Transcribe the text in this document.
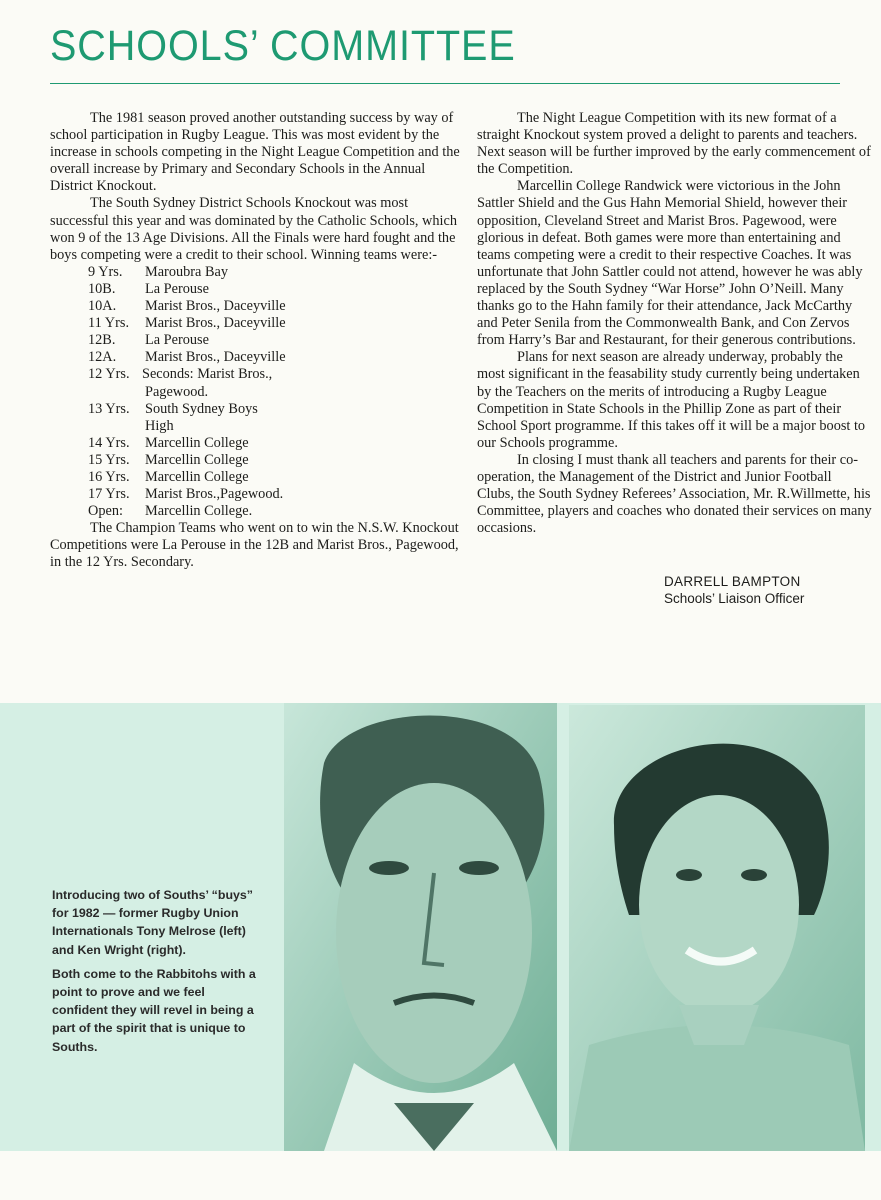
SCHOOLS’ COMMITTEE

The 1981 season proved another outstanding success by way of school participation in Rugby League. This was most evident by the increase in schools competing in the Night League Competition and the overall increase by Primary and Secondary Schools in the Annual District Knockout.

The South Sydney District Schools Knockout was most successful this year and was dominated by the Catholic Schools, which won 9 of the 13 Age Divisions. All the Finals were hard fought and the boys competing were a credit to their school. Winning teams were:-

9 Yrs.	Maroubra Bay
10B.	La Perouse
10A.	Marist Bros., Daceyville
11 Yrs.	Marist Bros., Daceyville
12B.	La Perouse
12A.	Marist Bros., Daceyville
12 Yrs. Seconds: Marist Bros.,
Pagewood.
13 Yrs.	South Sydney Boys
High
14 Yrs.	Marcellin College
15 Yrs.	Marcellin College
16 Yrs.	Marcellin College
17 Yrs.	Marist Bros.,Pagewood.
Open:	Marcellin College.

The Champion Teams who went on to win the N.S.W. Knockout Competitions were La Perouse in the 12B and Marist Bros., Pagewood, in the 12 Yrs. Secondary.

The Night League Competition with its new format of a straight Knockout system proved a delight to parents and teachers. Next season will be further improved by the early commencement of the Competition.

Marcellin College Randwick were victorious in the John Sattler Shield and the Gus Hahn Memorial Shield, however their opposition, Cleveland Street and Marist Bros. Pagewood, were glorious in defeat. Both games were more than entertaining and teams competing were a credit to their respective Coaches. It was unfortunate that John Sattler could not attend, however he was ably replaced by the South Sydney “War Horse” John O’Neill. Many thanks go to the Hahn family for their attendance, Jack McCarthy and Peter Senila from the Commonwealth Bank, and Con Zervos from Harry’s Bar and Restaurant, for their generous contributions.

Plans for next season are already underway, probably the most significant in the feasability study currently being undertaken by the Teachers on the merits of introducing a Rugby League Competition in State Schools in the Phillip Zone as part of their School Sport programme. If this takes off it will be a major boost to our Schools programme.

In closing I must thank all teachers and parents for their co-operation, the Management of the District and Junior Football Clubs, the South Sydney Referees’ Association, Mr. R.Willmette, his Committee, players and coaches who donated their services on many occasions.

DARRELL BAMPTON
Schools’ Liaison Officer

Introducing two of Souths’ “buys” for 1982 — former Rugby Union Internationals Tony Melrose (left) and Ken Wright (right).

Both come to the Rabbitohs with a point to prove and we feel confident they will revel in being a part of the spirit that is unique to Souths.
